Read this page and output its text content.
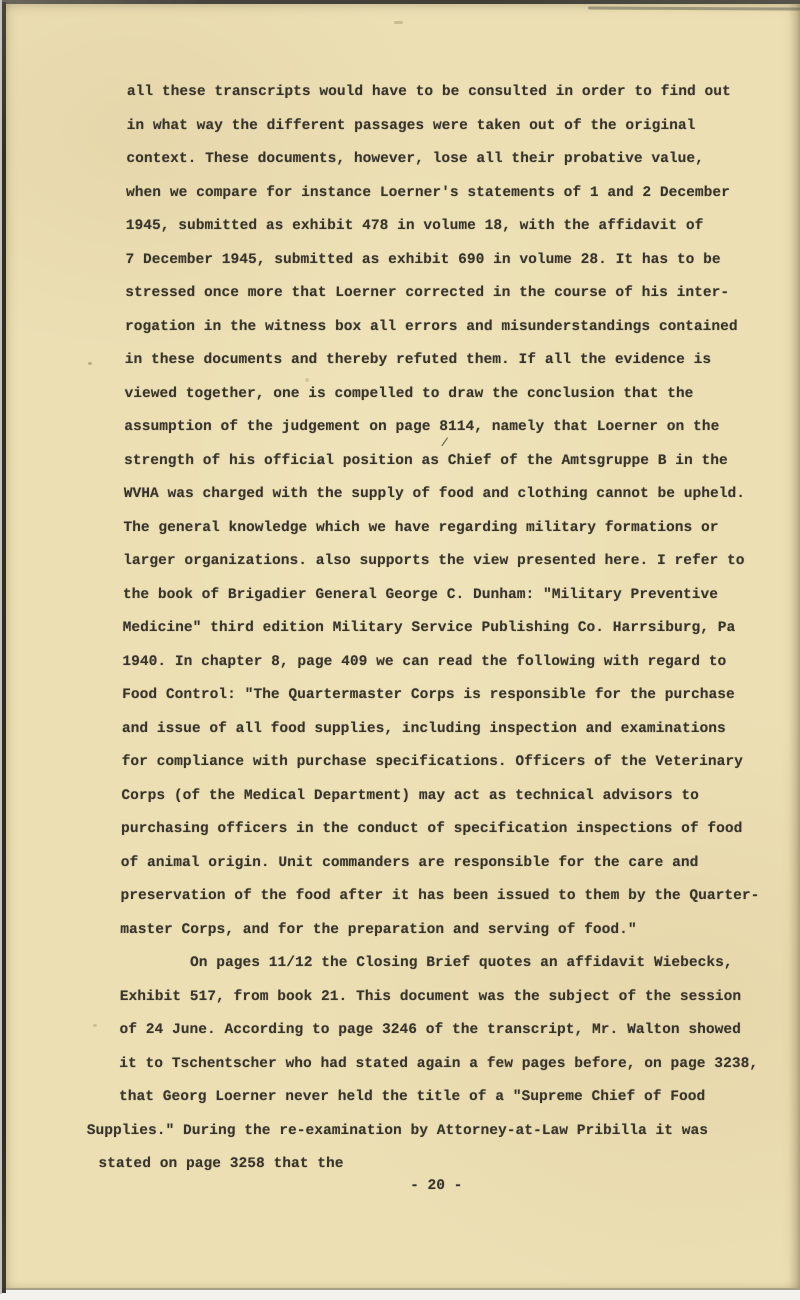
all these transcripts would have to be consulted in order to find out
in what way the different passages were taken out of the original
context. These documents, however, lose all their probative value,
when we compare for instance Loerner's statements of 1 and 2 December
1945, submitted as exhibit 478 in volume 18, with the affidavit of
7 December 1945, submitted as exhibit 690 in volume 28. It has to be
stressed once more that Loerner corrected in the course of his inter-
rogation in the witness box all errors and misunderstandings contained
in these documents and thereby refuted them. If all the evidence is
viewed together, one is compelled to draw the conclusion that the
assumption of the judgement on page 8114, namely that Loerner on the
strength of his official position as Chief of the Amtsgruppe B in the
WVHA was charged with the supply of food and clothing cannot be upheld.
The general knowledge which we have regarding military formations or
larger organizations. also supports the view presented here. I refer to
the book of Brigadier General George C. Dunham: "Military Preventive
Medicine" third edition Military Service Publishing Co. Harrsiburg, Pa
1940. In chapter 8, page 409 we can read the following with regard to
Food Control: "The Quartermaster Corps is responsible for the purchase
and issue of all food supplies, including inspection and examinations
for compliance with purchase specifications. Officers of the Veterinary
Corps (of the Medical Department) may act as technical advisors to
purchasing officers in the conduct of specification inspections of food
of animal origin. Unit commanders are responsible for the care and
preservation of the food after it has been issued to them by the Quarter-
master Corps, and for the preparation and serving of food."
On pages 11/12 the Closing Brief quotes an affidavit Wiebecks,
Exhibit 517, from book 21. This document was the subject of the session
of 24 June. According to page 3246 of the transcript, Mr. Walton showed
it to Tschentscher who had stated again a few pages before, on page 3238,
that Georg Loerner never held the title of a "Supreme Chief of Food
Supplies." During the re-examination by Attorney-at-Law Pribilla it was
stated on page 3258 that the
- 20 -
/
